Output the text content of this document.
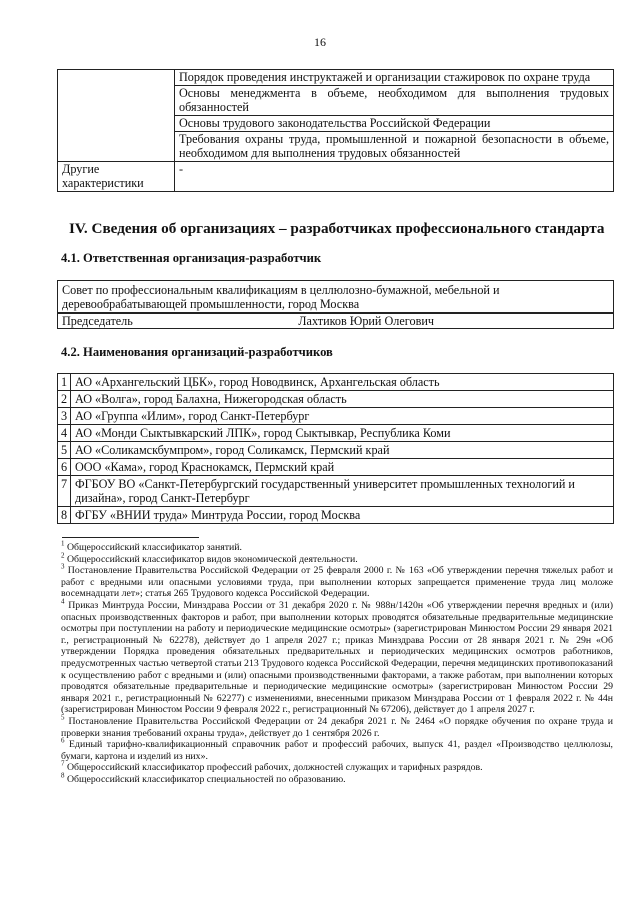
16
	Порядок проведения инструктажей и организации стажировок по охране труда
	Основы менеджмента в объеме, необходимом для выполнения трудовых обязанностей
	Основы трудового законодательства Российской Федерации
	Требования охраны труда, промышленной и пожарной безопасности в объеме, необходимом для выполнения трудовых обязанностей
Другие характеристики	-
IV. Сведения об организациях – разработчиках профессионального стандарта
4.1. Ответственная организация-разработчик
Совет по профессиональным квалификациям в целлюлозно-бумажной, мебельной и деревообрабатывающей промышленности, город Москва

Председатель	Лахтиков Юрий Олегович
4.2. Наименования организаций-разработчиков
1	АО «Архангельский ЦБК», город Новодвинск, Архангельская область
2	АО «Волга», город Балахна, Нижегородская область
3	АО «Группа «Илим», город Санкт-Петербург
4	АО «Монди Сыктывкарский ЛПК», город Сыктывкар, Республика Коми
5	АО «Соликамскбумпром», город Соликамск, Пермский край
6	ООО «Кама», город Краснокамск, Пермский край
7	ФГБОУ ВО «Санкт-Петербургский государственный университет промышленных технологий и дизайна», город Санкт-Петербург
8	ФГБУ «ВНИИ труда» Минтруда России, город Москва

$^1$ Общероссийский классификатор занятий.

$^2$ Общероссийский классификатор видов экономической деятельности.

$^3$ Постановление Правительства Российской Федерации от 25 февраля 2000 г. № 163 «Об утверждении перечня тяжелых работ и работ с вредными или опасными условиями труда, при выполнении которых запрещается применение труда лиц моложе восемнадцати лет»; статья 265 Трудового кодекса Российской Федерации.

$^4$ Приказ Минтруда России, Минздрава России от 31 декабря 2020 г. № 988н/1420н «Об утверждении перечня вредных и (или) опасных производственных факторов и работ, при выполнении которых проводятся обязательные предварительные медицинские осмотры при поступлении на работу и периодические медицинские осмотры» (зарегистрирован Минюстом России 29 января 2021 г., регистрационный № 62278), действует до 1 апреля 2027 г.; приказ Минздрава России от 28 января 2021 г. № 29н «Об утверждении Порядка проведения обязательных предварительных и периодических медицинских осмотров работников, предусмотренных частью четвертой статьи 213 Трудового кодекса Российской Федерации, перечня медицинских противопоказаний к осуществлению работ с вредными и (или) опасными производственными факторами, а также работам, при выполнении которых проводятся обязательные предварительные и периодические медицинские осмотры» (зарегистрирован Минюстом России 29 января 2021 г., регистрационный № 62277) с изменениями, внесенными приказом Минздрава России от 1 февраля 2022 г. № 44н (зарегистрирован Минюстом России 9 февраля 2022 г., регистрационный № 67206), действует до 1 апреля 2027 г.

$^5$ Постановление Правительства Российской Федерации от 24 декабря 2021 г. № 2464 «О порядке обучения по охране труда и проверки знания требований охраны труда», действует до 1 сентября 2026 г.

$^6$ Единый тарифно-квалификационный справочник работ и профессий рабочих, выпуск 41, раздел «Производство целлюлозы, бумаги, картона и изделий из них».

$^7$ Общероссийский классификатор профессий рабочих, должностей служащих и тарифных разрядов.

$^8$ Общероссийский классификатор специальностей по образованию.
